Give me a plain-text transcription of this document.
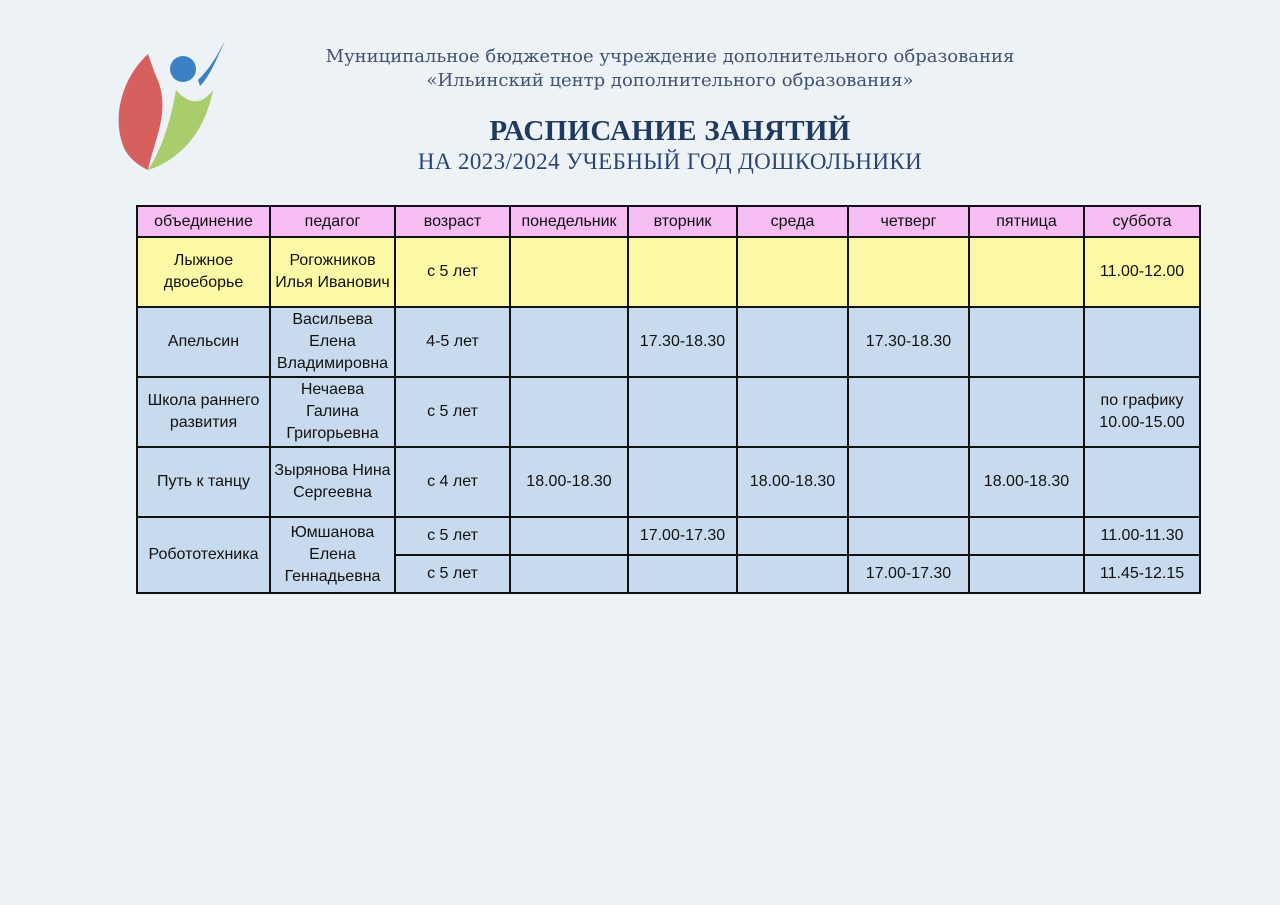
Муниципальное бюджетное учреждение дополнительного образования
«Ильинский центр дополнительного образования»
РАСПИСАНИЕ ЗАНЯТИЙ
НА 2023/2024 УЧЕБНЫЙ ГОД ДОШКОЛЬНИКИ
объединение	педагог	возраст	понедельник	вторник	среда	четверг	пятница	суббота
Лыжное двоеборье	Рогожников Илья Иванович	с 5 лет						11.00-12.00
Апельсин	Васильева Елена Владимировна	4-5 лет		17.30-18.30		17.30-18.30		
Школа раннего развития	Нечаева Галина Григорьевна	с 5 лет						по графику 10.00-15.00
Путь к танцу	Зырянова Нина Сергеевна	с 4 лет	18.00-18.30		18.00-18.30		18.00-18.30	
Робототехника	Юмшанова Елена Геннадьевна	с 5 лет		17.00-17.30				11.00-11.30
		с 5 лет				17.00-17.30		11.45-12.15
